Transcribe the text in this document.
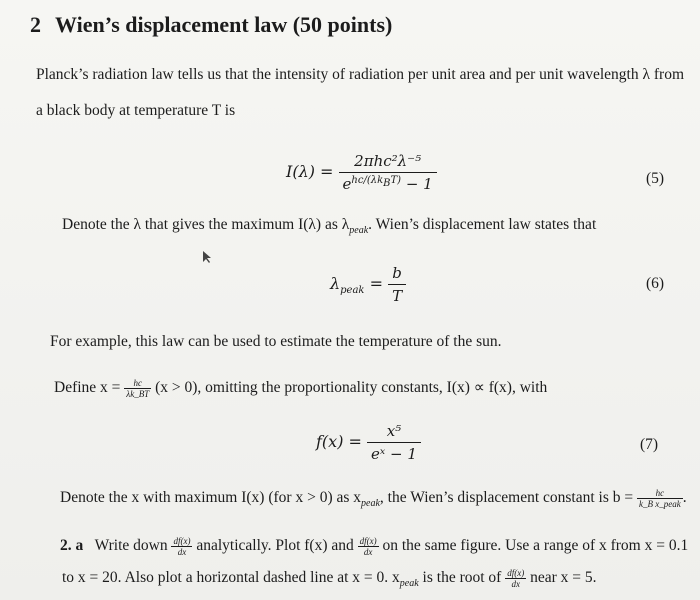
2 Wien’s displacement law (50 points)
Planck’s radiation law tells us that the intensity of radiation per unit area and per unit wavelength λ from
a black body at temperature T is
$I(\lambda) = \frac{\text{2πhc²λ⁻⁵}}{e^{hc/(\lambda k_BT)} - 1}$	(5)
Denote the λ that gives the maximum I(λ) as $\lambda_{peak}$. Wien’s displacement law states that
$\lambda_{peak} = \frac{b}{T}$	(6)
For example, this law can be used to estimate the temperature of the sun.
Define $x = \frac{hc}{\lambda k\_BT} (x > 0)$, omitting the proportionality constants, I(x) ∝ f(x), with
$f(x) = \frac{\text{x⁵}}{\text{eˣ − 1}}$	(7)
Denote the x with maximum I(x) (for x > 0) as $x_{peak}$, the Wien’s displacement constant is $b = \frac{hc}{\text{k\_B x\_peak}}$ .
2. a Write down $\frac{df(x)}{dx}$ analytically. Plot f(x) and $\frac{df(x)}{dx}$ on the same figure. Use a range of x from x = 0.1
to x = 20. Also plot a horizontal dashed line at x = 0. $x_{peak}$ is the root of $\frac{df(x)}{dx}$ near x = 5.
